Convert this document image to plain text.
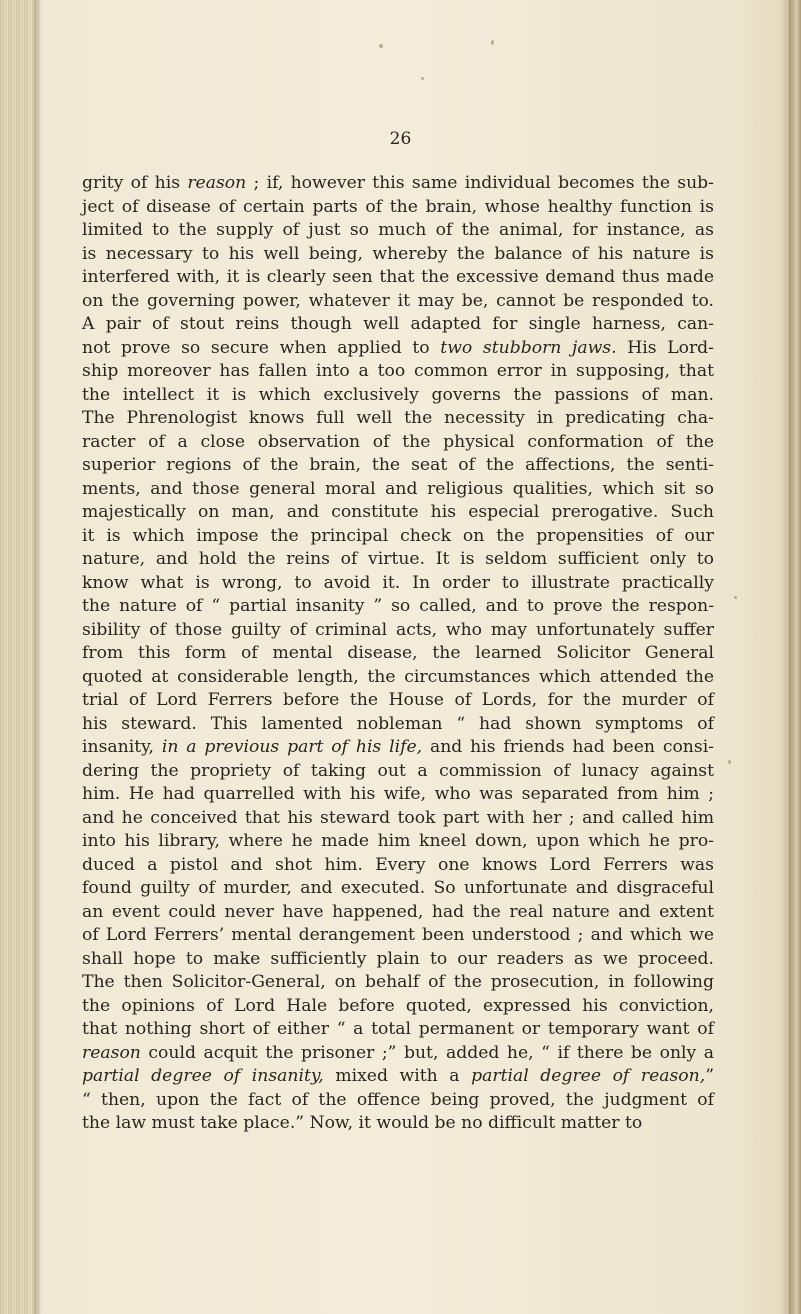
26
grity of his reason ; if, however this same individual becomes the sub-
ject of disease of certain parts of the brain, whose healthy function is
limited to the supply of just so much of the animal, for instance, as
is necessary to his well being, whereby the balance of his nature is
interfered with, it is clearly seen that the excessive demand thus made
on the governing power, whatever it may be, cannot be responded to.
A pair of stout reins though well adapted for single harness, can-
not prove so secure when applied to two stubborn jaws. His Lord-
ship moreover has fallen into a too common error in supposing, that
the intellect it is which exclusively governs the passions of man.
The Phrenologist knows full well the necessity in predicating cha-
racter of a close observation of the physical conformation of the
superior regions of the brain, the seat of the affections, the senti-
ments, and those general moral and religious qualities, which sit so
majestically on man, and constitute his especial prerogative. Such
it is which impose the principal check on the propensities of our
nature, and hold the reins of virtue. It is seldom sufficient only to
know what is wrong, to avoid it. In order to illustrate practically
the nature of “ partial insanity ” so called, and to prove the respon-
sibility of those guilty of criminal acts, who may unfortunately suffer
from this form of mental disease, the learned Solicitor General
quoted at considerable length, the circumstances which attended the
trial of Lord Ferrers before the House of Lords, for the murder of
his steward. This lamented nobleman “ had shown symptoms of
insanity, in a previous part of his life, and his friends had been consi-
dering the propriety of taking out a commission of lunacy against
him. He had quarrelled with his wife, who was separated from him ;
and he conceived that his steward took part with her ; and called him
into his library, where he made him kneel down, upon which he pro-
duced a pistol and shot him. Every one knows Lord Ferrers was
found guilty of murder, and executed. So unfortunate and disgraceful
an event could never have happened, had the real nature and extent
of Lord Ferrers’ mental derangement been understood ; and which we
shall hope to make sufficiently plain to our readers as we proceed.
The then Solicitor-General, on behalf of the prosecution, in following
the opinions of Lord Hale before quoted, expressed his conviction,
that nothing short of either “ a total permanent or temporary want of
reason could acquit the prisoner ;” but, added he, “ if there be only a
partial degree of insanity, mixed with a partial degree of reason,”
“ then, upon the fact of the offence being proved, the judgment of
the law must take place.” Now, it would be no difficult matter to
